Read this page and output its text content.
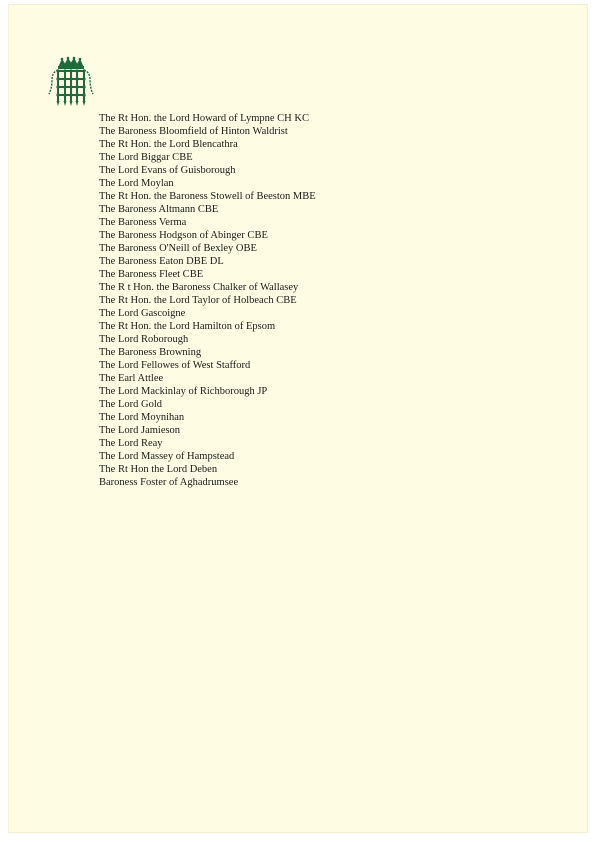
The Rt Hon. the Lord Howard of Lympne CH KC
The Baroness Bloomfield of Hinton Waldrist
The Rt Hon. the Lord Blencathra
The Lord Biggar CBE
The Lord Evans of Guisborough
The Lord Moylan
The Rt Hon. the Baroness Stowell of Beeston MBE
The Baroness Altmann CBE
The Baroness Verma
The Baroness Hodgson of Abinger CBE
The Baroness O'Neill of Bexley OBE
The Baroness Eaton DBE DL
The Baroness Fleet CBE
The R t Hon. the Baroness Chalker of Wallasey
The Rt Hon. the Lord Taylor of Holbeach CBE
The Lord Gascoigne
The Rt Hon. the Lord Hamilton of Epsom
The Lord Roborough
The Baroness Browning
The Lord Fellowes of West Stafford
The Earl Attlee
The Lord Mackinlay of Richborough JP
The Lord Gold
The Lord Moynihan
The Lord Jamieson
The Lord Reay
The Lord Massey of Hampstead
The Rt Hon the Lord Deben
Baroness Foster of Aghadrumsee
